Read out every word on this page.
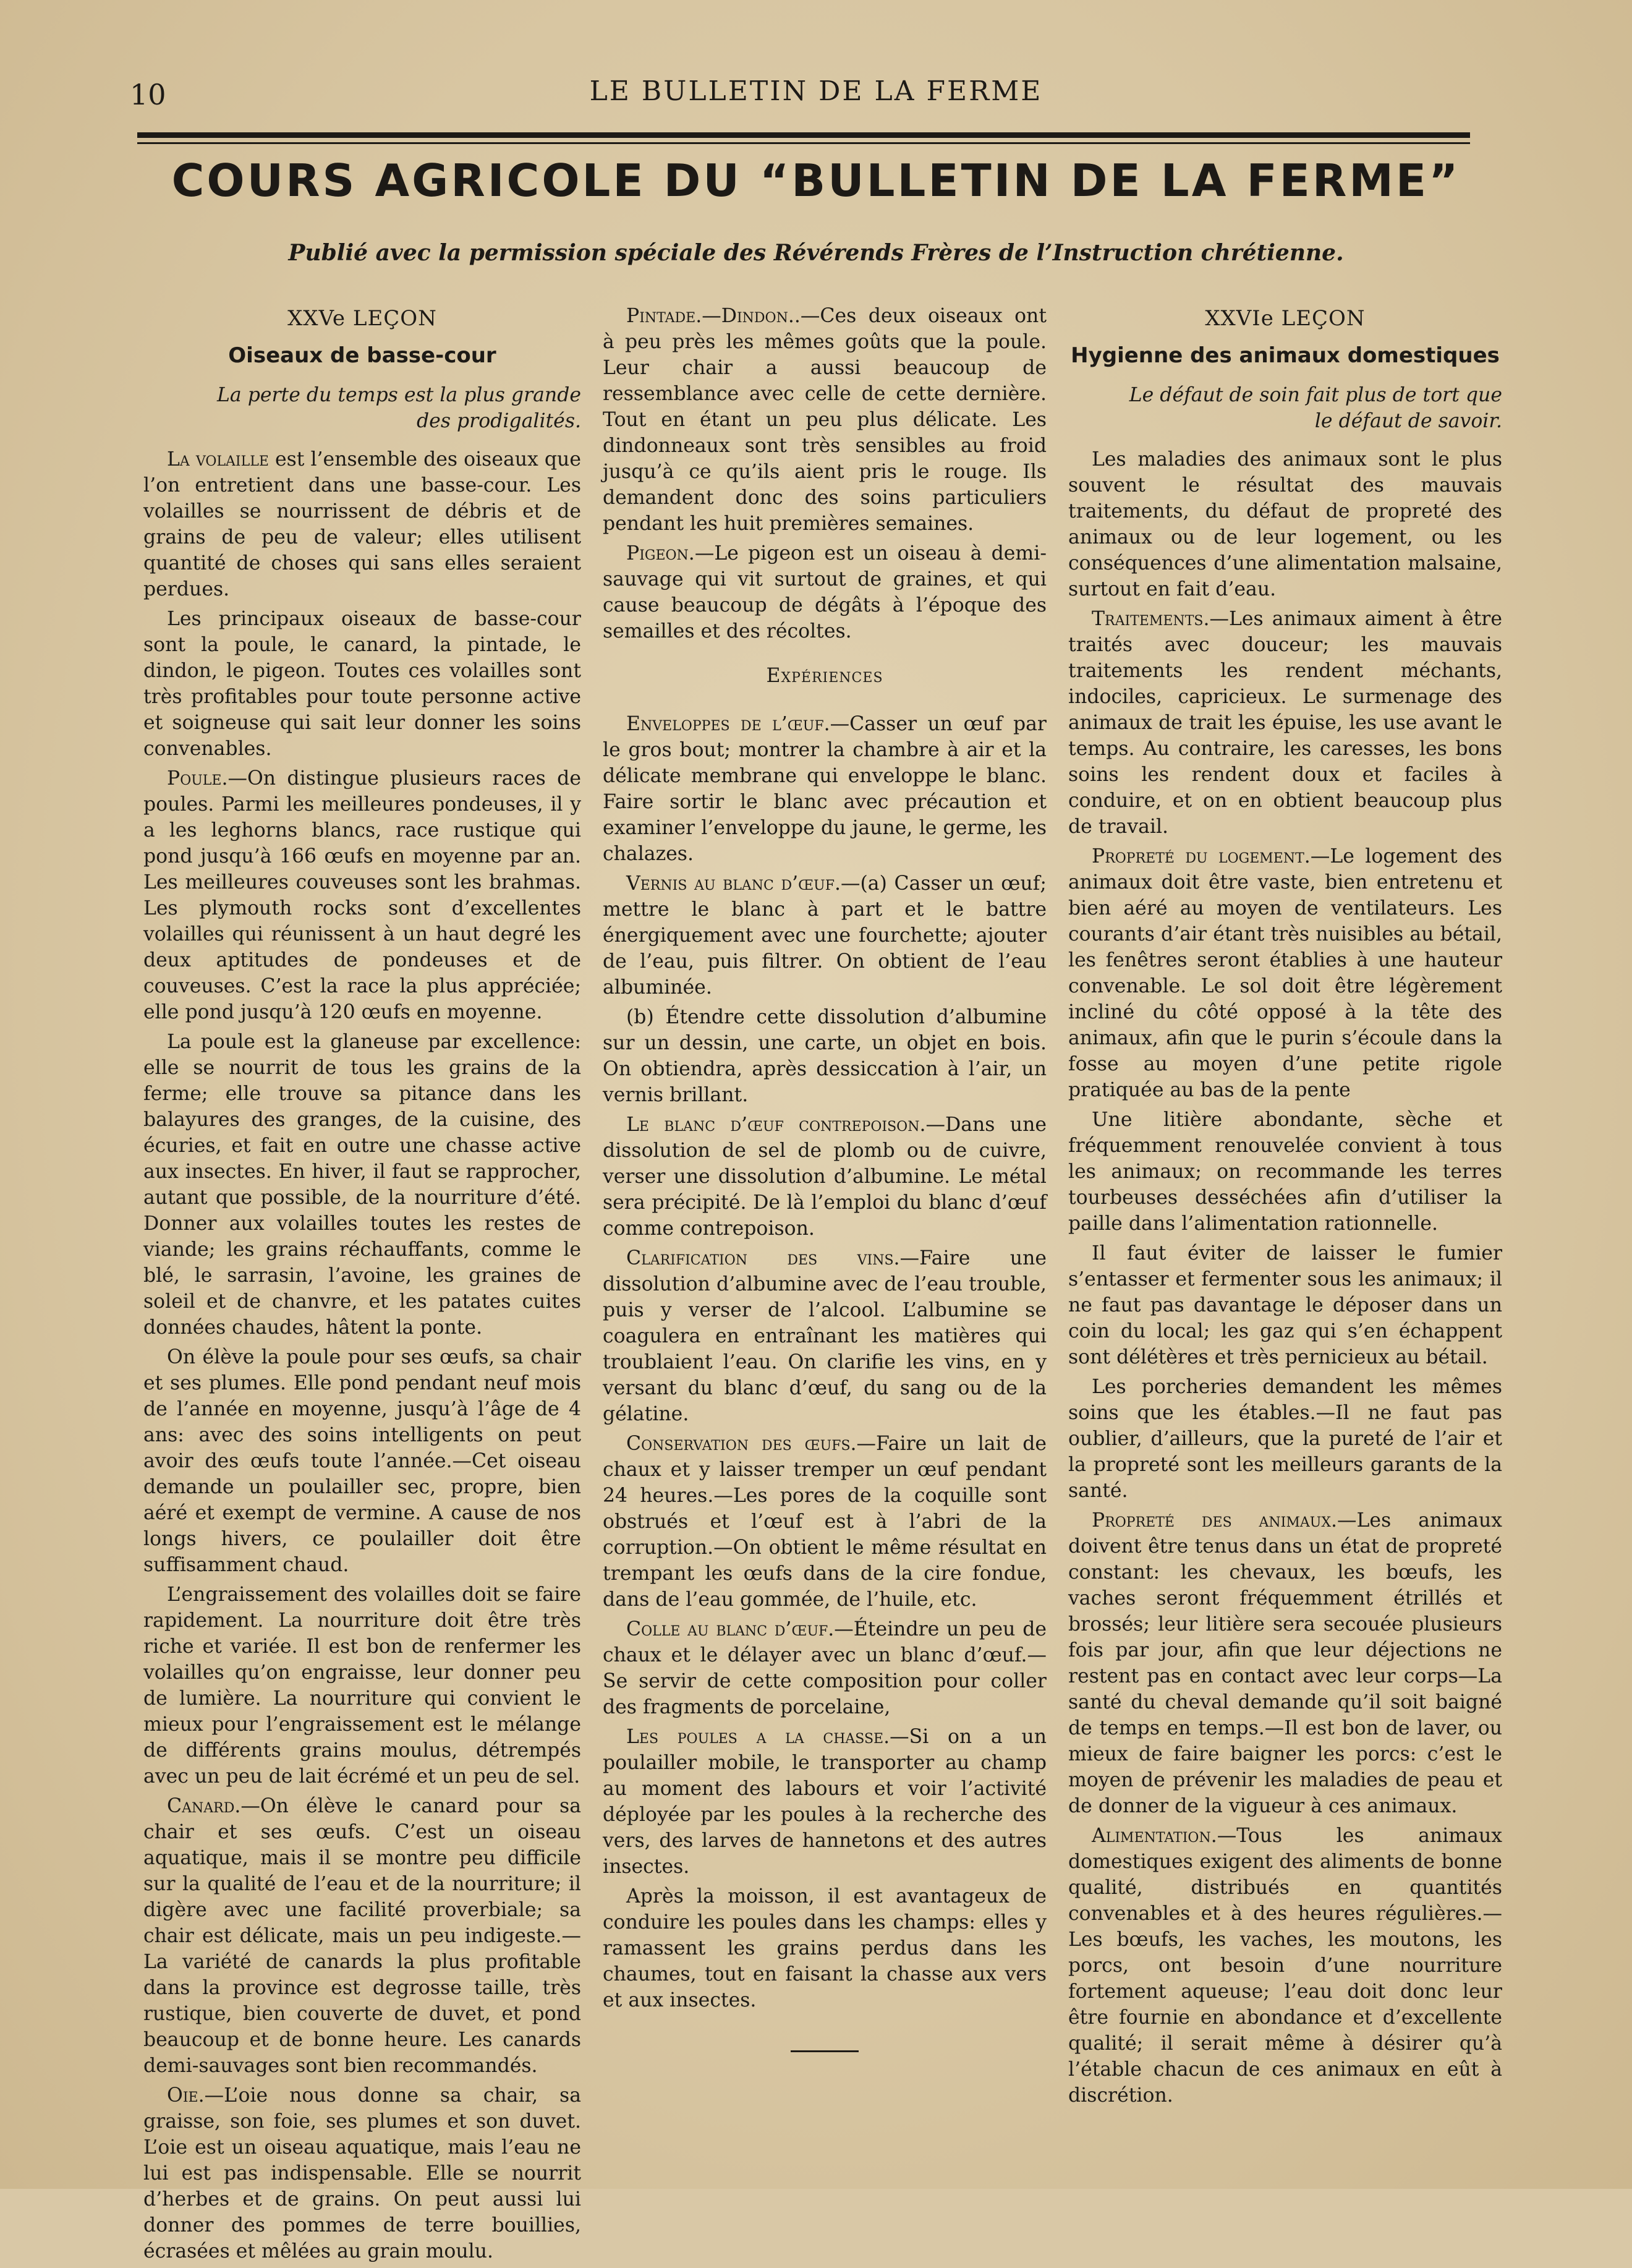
10	LE BULLETIN DE LA FERME
COURS AGRICOLE DU “BULLETIN DE LA FERME”
Publié avec la permission spéciale des Révérends Frères de l’Instruction chrétienne.
XXVe LEÇON
Oiseaux de basse-cour
La perte du temps est la plus grande des prodigalités.

La volaille est l’ensemble des oiseaux que l’on entretient dans une basse-cour. Les volailles se nourrissent de débris et de grains de peu de valeur; elles utilisent quantité de choses qui sans elles seraient perdues.

Les principaux oiseaux de basse-cour sont la poule, le canard, la pintade, le dindon, le pigeon. Toutes ces volailles sont très profitables pour toute personne active et soigneuse qui sait leur donner les soins convenables.

Poule.—On distingue plusieurs races de poules. Parmi les meilleures pondeuses, il y a les leghorns blancs, race rustique qui pond jusqu’à 166 œufs en moyenne par an. Les meilleures couveuses sont les brahmas. Les plymouth rocks sont d’excellentes volailles qui réunissent à un haut degré les deux aptitudes de pondeuses et de couveuses. C’est la race la plus appréciée; elle pond jusqu’à 120 œufs en moyenne.

La poule est la glaneuse par excellence: elle se nourrit de tous les grains de la ferme; elle trouve sa pitance dans les balayures des granges, de la cuisine, des écuries, et fait en outre une chasse active aux insectes. En hiver, il faut se rapprocher, autant que possible, de la nourriture d’été. Donner aux volailles toutes les restes de viande; les grains réchauffants, comme le blé, le sarrasin, l’avoine, les graines de soleil et de chanvre, et les patates cuites données chaudes, hâtent la ponte.

On élève la poule pour ses œufs, sa chair et ses plumes. Elle pond pendant neuf mois de l’année en moyenne, jusqu’à l’âge de 4 ans: avec des soins intelligents on peut avoir des œufs toute l’année.—Cet oiseau demande un poulailler sec, propre, bien aéré et exempt de vermine. A cause de nos longs hivers, ce poulailler doit être suffisamment chaud.

L’engraissement des volailles doit se faire rapidement. La nourriture doit être très riche et variée. Il est bon de renfermer les volailles qu’on engraisse, leur donner peu de lumière. La nourriture qui convient le mieux pour l’engraissement est le mélange de différents grains moulus, détrempés avec un peu de lait écrémé et un peu de sel.

Canard.—On élève le canard pour sa chair et ses œufs. C’est un oiseau aquatique, mais il se montre peu difficile sur la qualité de l’eau et de la nourriture; il digère avec une facilité proverbiale; sa chair est délicate, mais un peu indigeste.—La variété de canards la plus profitable dans la province est degrosse taille, très rustique, bien couverte de duvet, et pond beaucoup et de bonne heure. Les canards demi-sauvages sont bien recommandés.

Oie.—L’oie nous donne sa chair, sa graisse, son foie, ses plumes et son duvet. L’oie est un oiseau aquatique, mais l’eau ne lui est pas indispensable. Elle se nourrit d’herbes et de grains. On peut aussi lui donner des pommes de terre bouillies, écrasées et mêlées au grain moulu.

Pintade.—Dindon..—Ces deux oiseaux ont à peu près les mêmes goûts que la poule. Leur chair a aussi beaucoup de ressemblance avec celle de cette dernière. Tout en étant un peu plus délicate. Les dindonneaux sont très sensibles au froid jusqu’à ce qu’ils aient pris le rouge. Ils demandent donc des soins particuliers pendant les huit premières semaines.

Pigeon.—Le pigeon est un oiseau à demi-sauvage qui vit surtout de graines, et qui cause beaucoup de dégâts à l’époque des semailles et des récoltes.

Expériences

Enveloppes de l’œuf.—Casser un œuf par le gros bout; montrer la chambre à air et la délicate membrane qui enveloppe le blanc. Faire sortir le blanc avec précaution et examiner l’enveloppe du jaune, le germe, les chalazes.

Vernis au blanc d’œuf.—(a) Casser un œuf; mettre le blanc à part et le battre énergiquement avec une fourchette; ajouter de l’eau, puis filtrer. On obtient de l’eau albuminée.

(b) Étendre cette dissolution d’albumine sur un dessin, une carte, un objet en bois. On obtiendra, après dessiccation à l’air, un vernis brillant.

Le blanc d’œuf contrepoison.—Dans une dissolution de sel de plomb ou de cuivre, verser une dissolution d’albumine. Le métal sera précipité. De là l’emploi du blanc d’œuf comme contrepoison.

Clarification des vins.—Faire une dissolution d’albumine avec de l’eau trouble, puis y verser de l’alcool. L’albumine se coagulera en entraînant les matières qui troublaient l’eau. On clarifie les vins, en y versant du blanc d’œuf, du sang ou de la gélatine.

Conservation des œufs.—Faire un lait de chaux et y laisser tremper un œuf pendant 24 heures.—Les pores de la coquille sont obstrués et l’œuf est à l’abri de la corruption.—On obtient le même résultat en trempant les œufs dans de la cire fondue, dans de l’eau gommée, de l’huile, etc.

Colle au blanc d’œuf.—Éteindre un peu de chaux et le délayer avec un blanc d’œuf.—Se servir de cette composition pour coller des fragments de porcelaine,

Les poules a la chasse.—Si on a un poulailler mobile, le transporter au champ au moment des labours et voir l’activité déployée par les poules à la recherche des vers, des larves de hannetons et des autres insectes.

Après la moisson, il est avantageux de conduire les poules dans les champs: elles y ramassent les grains perdus dans les chaumes, tout en faisant la chasse aux vers et aux insectes.

XXVIe LEÇON
Hygienne des animaux domestiques
Le défaut de soin fait plus de tort que le défaut de savoir.

Les maladies des animaux sont le plus souvent le résultat des mauvais traitements, du défaut de propreté des animaux ou de leur logement, ou les conséquences d’une alimentation malsaine, surtout en fait d’eau.

Traitements.—Les animaux aiment à être traités avec douceur; les mauvais traitements les rendent méchants, indociles, capricieux. Le surmenage des animaux de trait les épuise, les use avant le temps. Au contraire, les caresses, les bons soins les rendent doux et faciles à conduire, et on en obtient beaucoup plus de travail.

Propreté du logement.—Le logement des animaux doit être vaste, bien entretenu et bien aéré au moyen de ventilateurs. Les courants d’air étant très nuisibles au bétail, les fenêtres seront établies à une hauteur convenable. Le sol doit être légèrement incliné du côté opposé à la tête des animaux, afin que le purin s’écoule dans la fosse au moyen d’une petite rigole pratiquée au bas de la pente

Une litière abondante, sèche et fréquemment renouvelée convient à tous les animaux; on recommande les terres tourbeuses desséchées afin d’utiliser la paille dans l’alimentation rationnelle.

Il faut éviter de laisser le fumier s’entasser et fermenter sous les animaux; il ne faut pas davantage le déposer dans un coin du local; les gaz qui s’en échappent sont délétères et très pernicieux au bétail.

Les porcheries demandent les mêmes soins que les étables.—Il ne faut pas oublier, d’ailleurs, que la pureté de l’air et la propreté sont les meilleurs garants de la santé.

Propreté des animaux.—Les animaux doivent être tenus dans un état de propreté constant: les chevaux, les bœufs, les vaches seront fréquemment étrillés et brossés; leur litière sera secouée plusieurs fois par jour, afin que leur déjections ne restent pas en contact avec leur corps—La santé du cheval demande qu’il soit baigné de temps en temps.—Il est bon de laver, ou mieux de faire baigner les porcs: c’est le moyen de prévenir les maladies de peau et de donner de la vigueur à ces animaux.

Alimentation.—Tous les animaux domestiques exigent des aliments de bonne qualité, distribués en quantités convenables et à des heures régulières.—Les bœufs, les vaches, les moutons, les porcs, ont besoin d’une nourriture fortement aqueuse; l’eau doit donc leur être fournie en abondance et d’excellente qualité; il serait même à désirer qu’à l’étable chacun de ces animaux en eût à discrétion.
